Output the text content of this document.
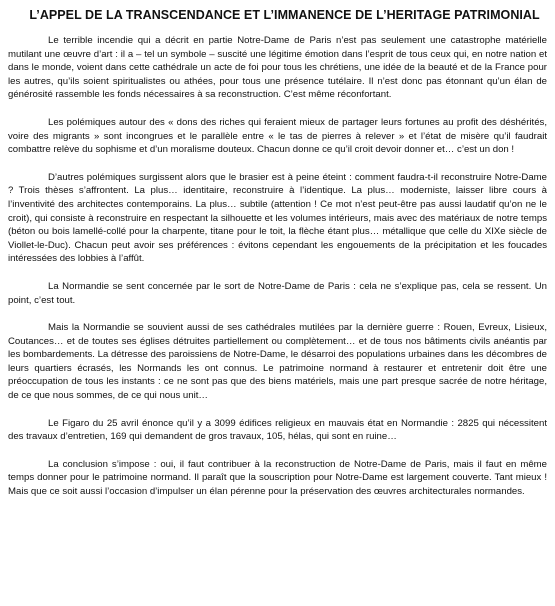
L’APPEL DE LA TRANSCENDANCE ET L’IMMANENCE DE L’HERITAGE PATRIMONIAL

Le terrible incendie qui a décrit en partie Notre-Dame de Paris n’est pas seulement une catastrophe matérielle mutilant une œuvre d’art : il a – tel un symbole – suscité une légitime émotion dans l’esprit de tous ceux qui, en notre nation et dans le monde, voient dans cette cathédrale un acte de foi pour tous les chrétiens, une idée de la beauté et de la France pour les autres, qu’ils soient spiritualistes ou athées, pour tous une présence tutélaire. Il n’est donc pas étonnant qu’un élan de générosité rassemble les fonds nécessaires à sa reconstruction. C’est même réconfortant.

Les polémiques autour des « dons des riches qui feraient mieux de partager leurs fortunes au profit des déshérités, voire des migrants » sont incongrues et le parallèle entre « le tas de pierres à relever » et l’état de misère qu’il faudrait combattre relève du sophisme et d’un moralisme douteux. Chacun donne ce qu’il croit devoir donner et… c’est un don !

D’autres polémiques surgissent alors que le brasier est à peine éteint : comment faudra-t-il reconstruire Notre-Dame ? Trois thèses s’affrontent. La plus… identitaire, reconstruire à l’identique. La plus… moderniste, laisser libre cours à l’inventivité des architectes contemporains. La plus… subtile (attention ! Ce mot n’est peut-être pas aussi laudatif qu’on ne le croit), qui consiste à reconstruire en respectant la silhouette et les volumes intérieurs, mais avec des matériaux de notre temps (béton ou bois lamellé-collé pour la charpente, titane pour le toit, la flèche étant plus… métallique que celle du XIXe siècle de Viollet-le-Duc). Chacun peut avoir ses préférences : évitons cependant les engouements de la précipitation et les foucades intéressées des lobbies à l’affût.

La Normandie se sent concernée par le sort de Notre-Dame de Paris : cela ne s’explique pas, cela se ressent. Un point, c’est tout.

Mais la Normandie se souvient aussi de ses cathédrales mutilées par la dernière guerre : Rouen, Evreux, Lisieux, Coutances… et de toutes ses églises détruites partiellement ou complètement… et de tous nos bâtiments civils anéantis par les bombardements. La détresse des paroissiens de Notre-Dame, le désarroi des populations urbaines dans les décombres de leurs quartiers écrasés, les Normands les ont connus. Le patrimoine normand à restaurer et entretenir doit être une préoccupation de tous les instants : ce ne sont pas que des biens matériels, mais une part presque sacrée de notre héritage, de ce que nous sommes, de ce qui nous unit…

Le Figaro du 25 avril énonce qu’il y a 3099 édifices religieux en mauvais état en Normandie : 2825 qui nécessitent des travaux d’entretien, 169 qui demandent de gros travaux, 105, hélas, qui sont en ruine…

La conclusion s’impose : oui, il faut contribuer à la reconstruction de Notre-Dame de Paris, mais il faut en même temps donner pour le patrimoine normand. Il paraît que la souscription pour Notre-Dame est largement couverte. Tant mieux ! Mais que ce soit aussi l’occasion d’impulser un élan pérenne pour la préservation des œuvres architecturales normandes.
